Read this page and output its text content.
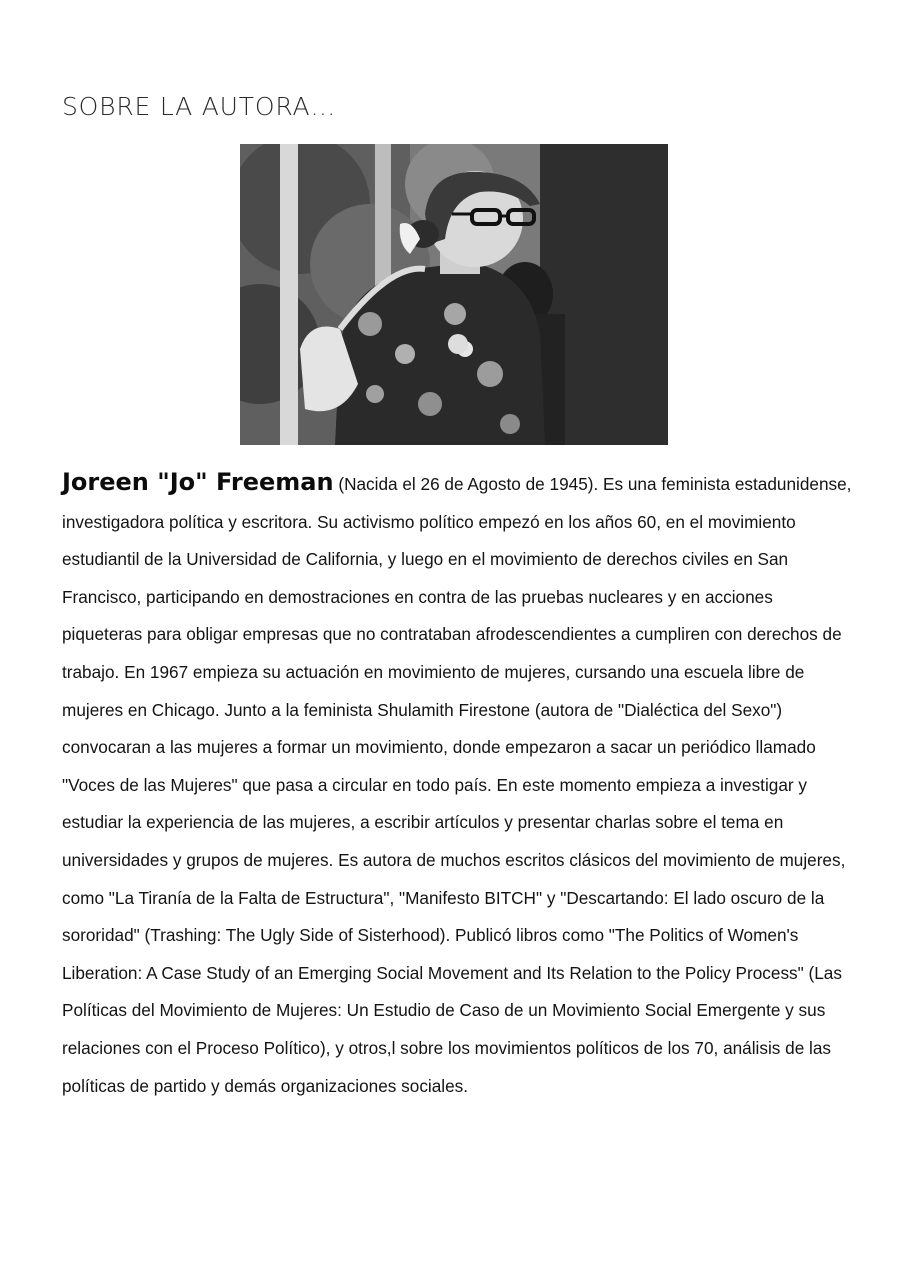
SOBRE LA AUTORA…

Joreen "Jo" Freeman (Nacida el 26 de Agosto de 1945). Es una feminista estadunidense, investigadora política y escritora. Su activismo político empezó en los años 60, en el movimiento estudiantil de la Universidad de California, y luego en el movimiento de derechos civiles en San Francisco, participando en demostraciones en contra de las pruebas nucleares y en acciones piqueteras para obligar empresas que no contrataban afrodescendientes a cumpliren con derechos de trabajo. En 1967 empieza su actuación en movimiento de mujeres, cursando una escuela libre de mujeres en Chicago. Junto a la feminista Shulamith Firestone (autora de "Dialéctica del Sexo") convocaran a las mujeres a formar un movimiento, donde empezaron a sacar un periódico llamado "Voces de las Mujeres" que pasa a circular en todo país. En este momento empieza a investigar y estudiar la experiencia de las mujeres, a escribir artículos y presentar charlas sobre el tema en universidades y grupos de mujeres. Es autora de muchos escritos clásicos del movimiento de mujeres, como "La Tiranía de la Falta de Estructura", "Manifesto BITCH" y "Descartando: El lado oscuro de la sororidad" (Trashing: The Ugly Side of Sisterhood). Publicó libros como "The Politics of Women's Liberation: A Case Study of an Emerging Social Movement and Its Relation to the Policy Process" (Las Políticas del Movimiento de Mujeres: Un Estudio de Caso de un Movimiento Social Emergente y sus relaciones con el Proceso Político), y otros,l sobre los movimientos políticos de los 70, análisis de las políticas de partido y demás organizaciones sociales.
